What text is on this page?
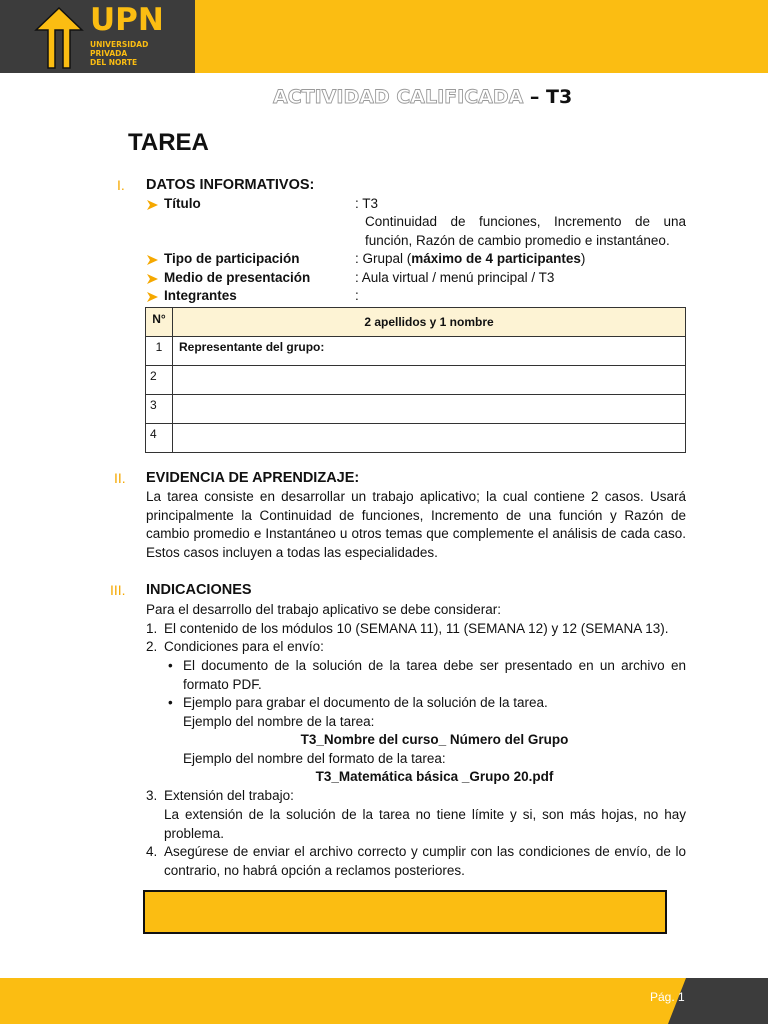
UPN
UNIVERSIDAD
PRIVADA
DEL NORTE
ACTIVIDAD CALIFICADA – T3
TAREA
I. DATOS INFORMATIVOS:
Título	: T3
Continuidad de funciones, Incremento de una
función, Razón de cambio promedio e instantáneo.
Tipo de participación	: Grupal (máximo de 4 participantes)
Medio de presentación	: Aula virtual / menú principal / T3
Integrantes	:
N°	2 apellidos y 1 nombre
1	Representante del grupo:
2	
3	
4	
II. EVIDENCIA DE APRENDIZAJE:
La tarea consiste en desarrollar un trabajo aplicativo; la cual contiene 2 casos. Usará principalmente la Continuidad de funciones, Incremento de una función y Razón de cambio promedio e Instantáneo u otros temas que complemente el análisis de cada caso. Estos casos incluyen a todas las especialidades.
III. INDICACIONES
Para el desarrollo del trabajo aplicativo se debe considerar:
1. El contenido de los módulos 10 (SEMANA 11), 11 (SEMANA 12) y 12 (SEMANA 13).
2. Condiciones para el envío:
• El documento de la solución de la tarea debe ser presentado en un archivo en formato PDF.
• Ejemplo para grabar el documento de la solución de la tarea.
Ejemplo del nombre de la tarea:
T3_Nombre del curso_ Número del Grupo
Ejemplo del nombre del formato de la tarea:
T3_Matemática básica _Grupo 20.pdf
3. Extensión del trabajo:
La extensión de la solución de la tarea no tiene límite y si, son más hojas, no hay problema.
4. Asegúrese de enviar el archivo correcto y cumplir con las condiciones de envío, de lo contrario, no habrá opción a reclamos posteriores.
Pág. 1
